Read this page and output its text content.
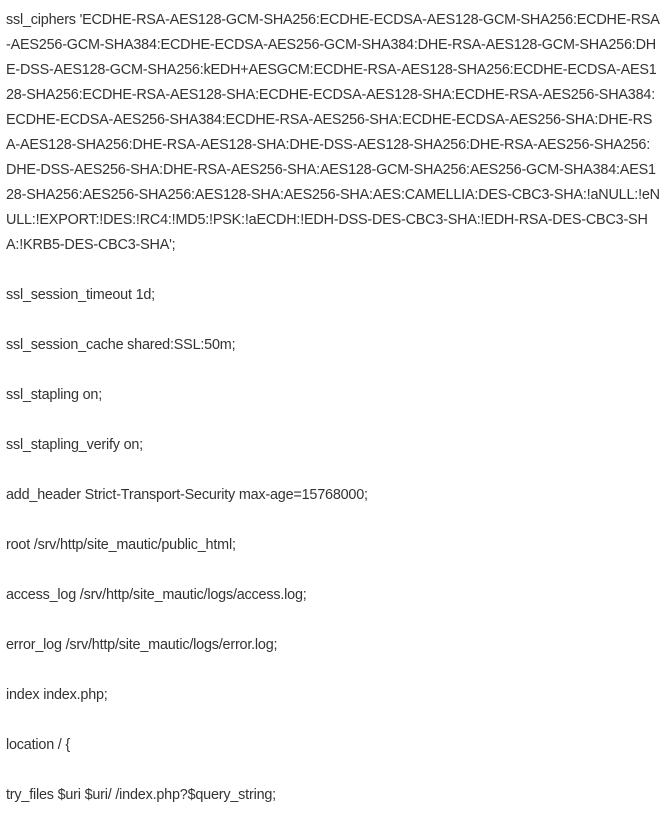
ssl_ciphers 'ECDHE-RSA-AES128-GCM-SHA256:ECDHE-ECDSA-AES128-GCM-SHA256:ECDHE-RSA-AES256-GCM-SHA384:ECDHE-ECDSA-AES256-GCM-SHA384:DHE-RSA-AES128-GCM-SHA256:DHE-DSS-AES128-GCM-SHA256:kEDH+AESGCM:ECDHE-RSA-AES128-SHA256:ECDHE-ECDSA-AES128-SHA256:ECDHE-RSA-AES128-SHA:ECDHE-ECDSA-AES128-SHA:ECDHE-RSA-AES256-SHA384:ECDHE-ECDSA-AES256-SHA384:ECDHE-RSA-AES256-SHA:ECDHE-ECDSA-AES256-SHA:DHE-RSA-AES128-SHA256:DHE-RSA-AES128-SHA:DHE-DSS-AES128-SHA256:DHE-RSA-AES256-SHA256:DHE-DSS-AES256-SHA:DHE-RSA-AES256-SHA:AES128-GCM-SHA256:AES256-GCM-SHA384:AES128-SHA256:AES256-SHA256:AES128-SHA:AES256-SHA:AES:CAMELLIA:DES-CBC3-SHA:!aNULL:!eNULL:!EXPORT:!DES:!RC4:!MD5:!PSK:!aECDH:!EDH-DSS-DES-CBC3-SHA:!EDH-RSA-DES-CBC3-SHA:!KRB5-DES-CBC3-SHA';

ssl_session_timeout 1d;

ssl_session_cache shared:SSL:50m;

ssl_stapling on;

ssl_stapling_verify on;

add_header Strict-Transport-Security max-age=15768000;

root /srv/http/site_mautic/public_html;

access_log /srv/http/site_mautic/logs/access.log;

error_log /srv/http/site_mautic/logs/error.log;

index index.php;

location / {

try_files $uri $uri/ /index.php?$query_string;
